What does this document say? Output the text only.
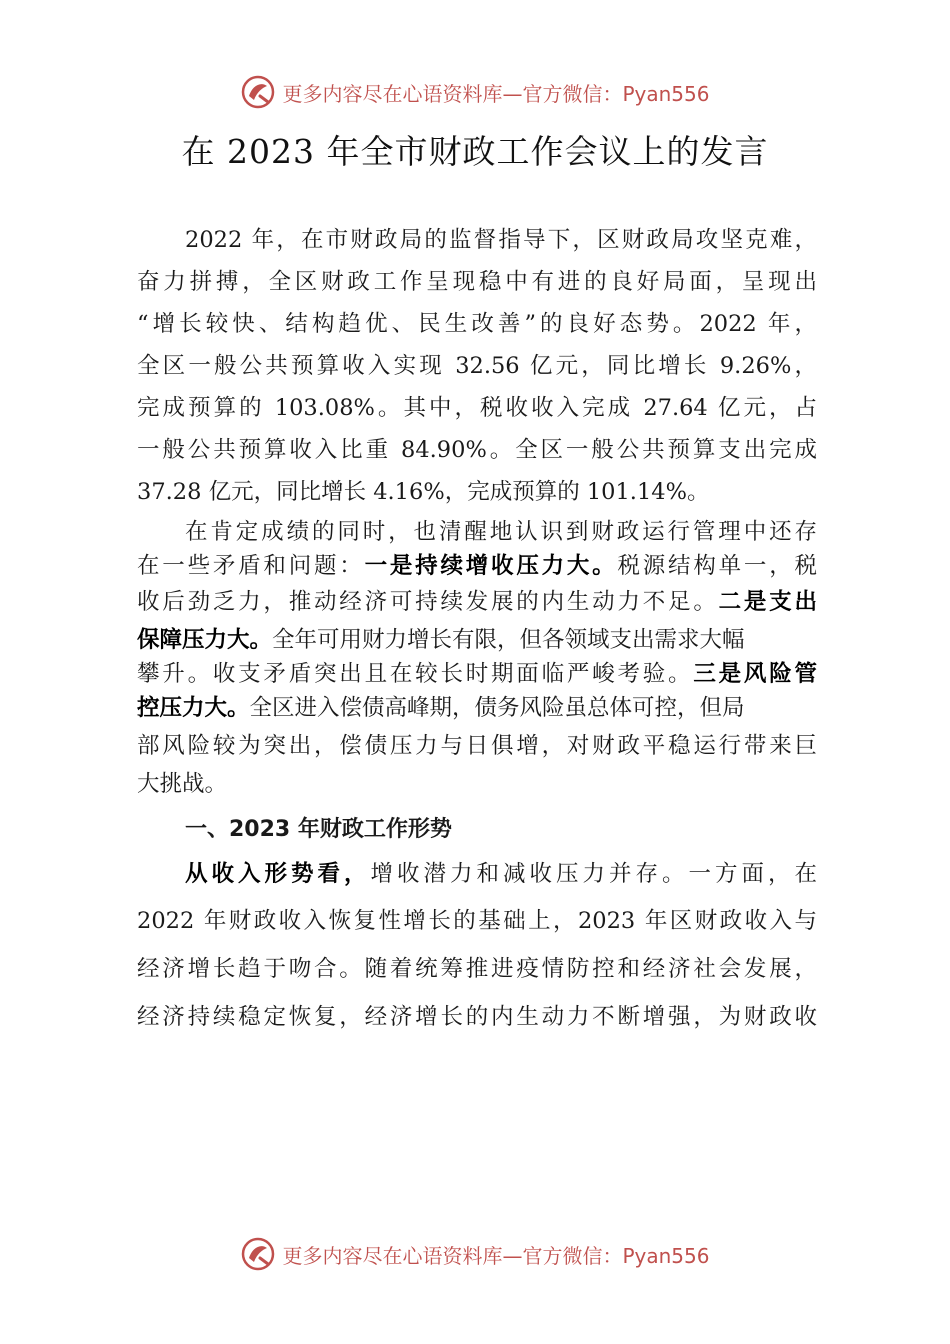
更多内容尽在心语资料库—官方微信：Pyan556
在 2023 年全市财政工作会议上的发言
2022 年，在市财政局的监督指导下，区财政局攻坚克难，
奋力拼搏，全区财政工作呈现稳中有进的良好局面，呈现出
“增长较快、结构趋优、民生改善”的良好态势。2022 年，
全区一般公共预算收入实现 32.56 亿元，同比增长 9.26%，
完成预算的 103.08%。其中，税收收入完成 27.64 亿元，占
一般公共预算收入比重 84.90%。全区一般公共预算支出完成
37.28 亿元，同比增长 4.16%，完成预算的 101.14%。
在肯定成绩的同时，也清醒地认识到财政运行管理中还存
在一些矛盾和问题：一是持续增收压力大。税源结构单一，税
收后劲乏力，推动经济可持续发展的内生动力不足。二是支出
保障压力大。全年可用财力增长有限，但各领域支出需求大幅
攀升。收支矛盾突出且在较长时期面临严峻考验。三是风险管
控压力大。全区进入偿债高峰期，债务风险虽总体可控，但局
部风险较为突出，偿债压力与日俱增，对财政平稳运行带来巨
大挑战。
一、2023 年财政工作形势
从收入形势看，增收潜力和减收压力并存。一方面，在
2022 年财政收入恢复性增长的基础上，2023 年区财政收入与
经济增长趋于吻合。随着统筹推进疫情防控和经济社会发展，
经济持续稳定恢复，经济增长的内生动力不断增强，为财政收
更多内容尽在心语资料库—官方微信：Pyan556
